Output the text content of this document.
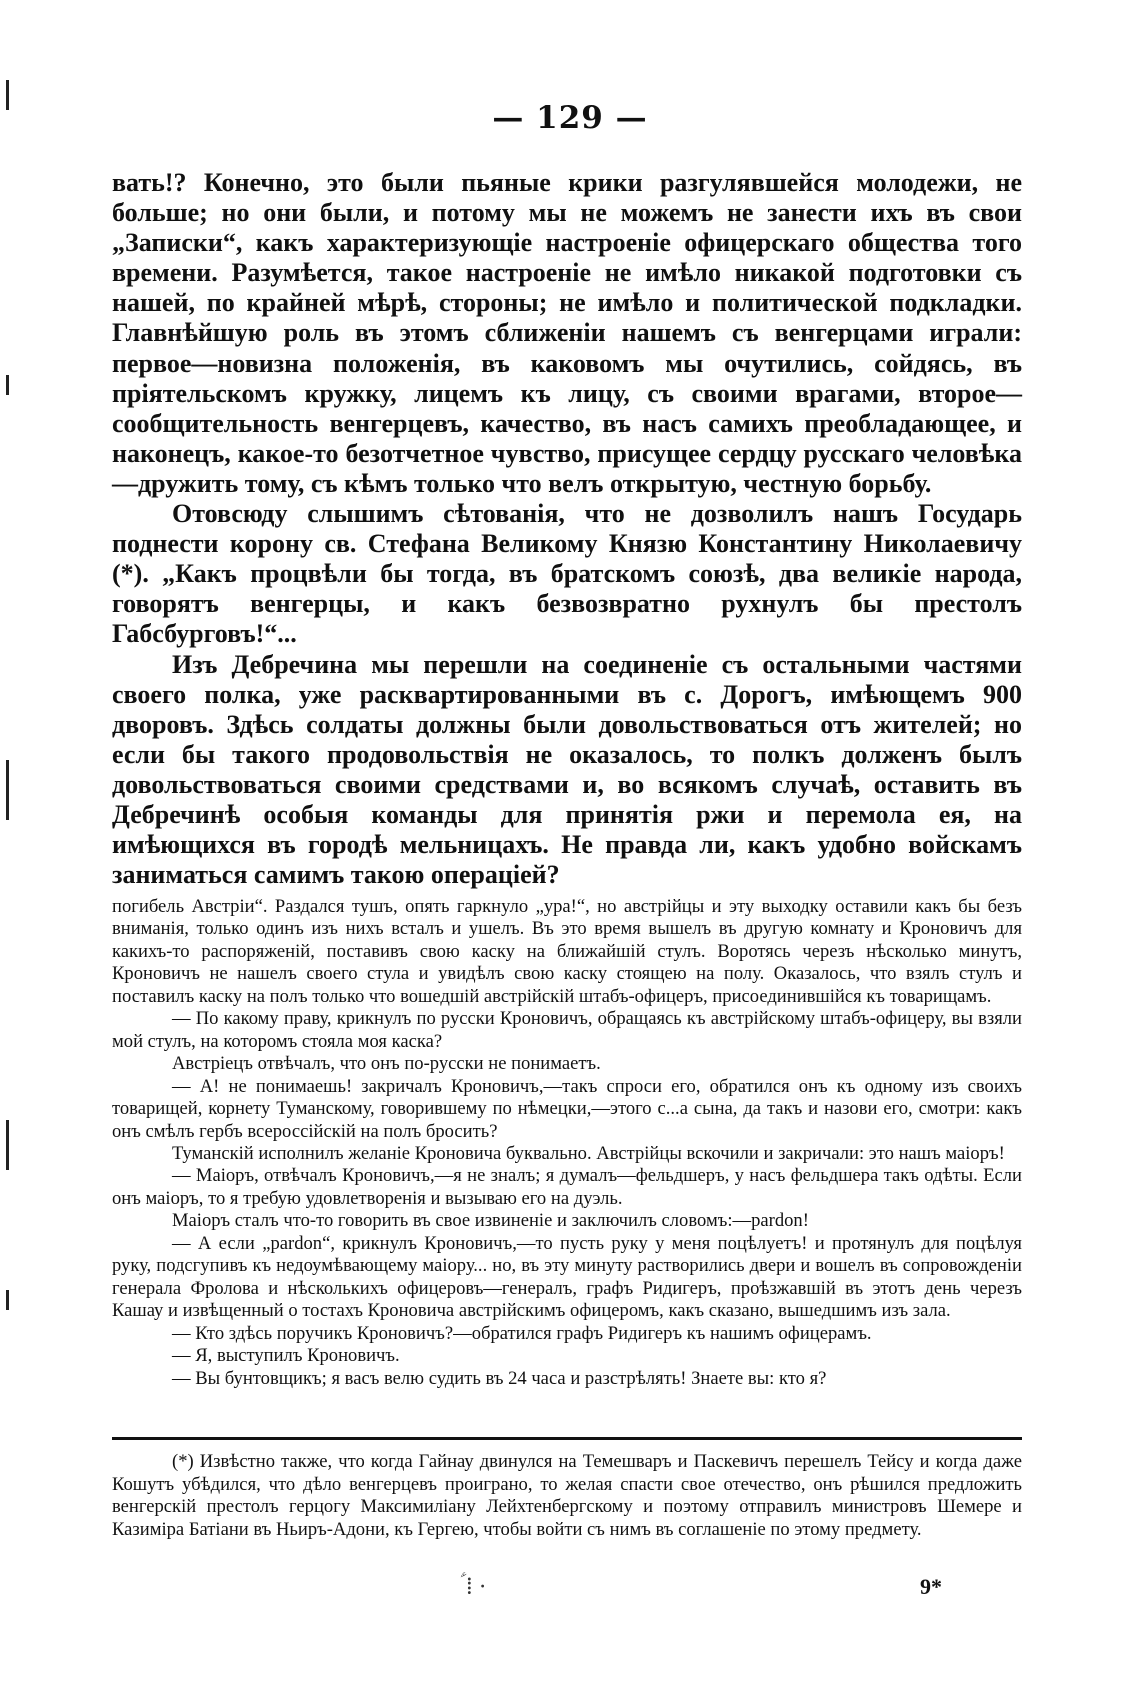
— 129 —

вать!? Конечно, это были пьяные крики разгулявшейся молодежи, не больше; но они были, и потому мы не можемъ не занести ихъ въ свои „Записки“, какъ характеризующіе настроеніе офицерскаго общества того времени. Разумѣется, такое настроеніе не имѣло никакой подготовки съ нашей, по крайней мѣрѣ, стороны; не имѣло и политической подкладки. Главнѣйшую роль въ этомъ сближеніи нашемъ съ венгерцами играли: первое—новизна положенія, въ каковомъ мы очутились, сойдясь, въ пріятельскомъ кружку, лицемъ къ лицу, съ своими врагами, второе—сообщительность венгерцевъ, качество, въ насъ самихъ преобладающее, и наконецъ, какое-то безотчетное чувство, присущее сердцу русскаго человѣка—дружить тому, съ кѣмъ только что велъ открытую, честную борьбу.

Отовсюду слышимъ сѣтованія, что не дозволилъ нашъ Государь поднести корону св. Стефана Великому Князю Константину Николаевичу (*). „Какъ процвѣли бы тогда, въ братскомъ союзѣ, два великіе народа, говорятъ венгерцы, и какъ безвозвратно рухнулъ бы престолъ Габсбурговъ!“...

Изъ Дебречина мы перешли на соединеніе съ остальными частями своего полка, уже расквартированными въ с. Дорогъ, имѣющемъ 900 дворовъ. Здѣсь солдаты должны были довольствоваться отъ жителей; но если бы такого продовольствія не оказалось, то полкъ долженъ былъ довольствоваться своими средствами и, во всякомъ случаѣ, оставить въ Дебречинѣ особыя команды для принятія ржи и перемола ея, на имѣющихся въ городѣ мельницахъ. Не правда ли, какъ удобно войскамъ заниматься самимъ такою операціей?

погибель Австріи“. Раздался тушъ, опять гаркнуло „ура!“, но австрійцы и эту выходку оставили какъ бы безъ вниманія, только одинъ изъ нихъ всталъ и ушелъ. Въ это время вышелъ въ другую комнату и Кроновичъ для какихъ-то распоряженій, поставивъ свою каску на ближайшій стулъ. Воротясь черезъ нѣсколько минутъ, Кроновичъ не нашелъ своего стула и увидѣлъ свою каску стоящею на полу. Оказалось, что взялъ стулъ и поставилъ каску на полъ только что вошедшій австрійскій штабъ-офицеръ, присоединившійся къ товарищамъ.

— По какому праву, крикнулъ по русски Кроновичъ, обращаясь къ австрійскому штабъ-офицеру, вы взяли мой стулъ, на которомъ стояла моя каска?

Австріецъ отвѣчалъ, что онъ по-русски не понимаетъ.

— А! не понимаешь! закричалъ Кроновичъ,—такъ спроси его, обратился онъ къ одному изъ своихъ товарищей, корнету Туманскому, говорившему по нѣмецки,—этого с...а сына, да такъ и назови его, смотри: какъ онъ смѣлъ гербъ всероссійскій на полъ бросить?

Туманскій исполнилъ желаніе Кроновича буквально. Австрійцы вскочили и закричали: это нашъ маіоръ!

— Маіоръ, отвѣчалъ Кроновичъ,—я не зналъ; я думалъ—фельдшеръ, у насъ фельдшера такъ одѣты. Если онъ маіоръ, то я требую удовлетворенія и вызываю его на дуэль.

Маіоръ сталъ что-то говорить въ свое извиненіе и заключилъ словомъ:—pardon!

— А если „pardon“, крикнулъ Кроновичъ,—то пусть руку у меня поцѣлуетъ! и протянулъ для поцѣлуя руку, подсгупивъ къ недоумѣвающему маіору... но, въ эту минуту растворились двери и вошелъ въ сопровожденіи генерала Фролова и нѣсколькихъ офицеровъ—генералъ, графъ Ридигеръ, проѣзжавшій въ этотъ день черезъ Кашау и извѣщенный о тостахъ Кроновича австрійскимъ офицеромъ, какъ сказано, вышедшимъ изъ зала.

— Кто здѣсь поручикъ Кроновичъ?—обратился графъ Ридигеръ къ нашимъ офицерамъ.

— Я, выступилъ Кроновичъ.

— Вы бунтовщикъ; я васъ велю судить въ 24 часа и разстрѣлять! Знаете вы: кто я?

(*) Извѣстно также, что когда Гайнау двинулся на Темешваръ и Паскевичъ перешелъ Тейсу и когда даже Кошутъ убѣдился, что дѣло венгерцевъ проиграно, то желая спасти свое отечество, онъ рѣшился предложить венгерскій престолъ герцогу Максимиліану Лейхтенбергскому и поэтому отправилъ министровъ Шемере и Казиміра Батіани въ Ньиръ-Адони, къ Гергею, чтобы войти съ нимъ въ соглашеніе по этому предмету.
ؑ ⁞ ·	9*
